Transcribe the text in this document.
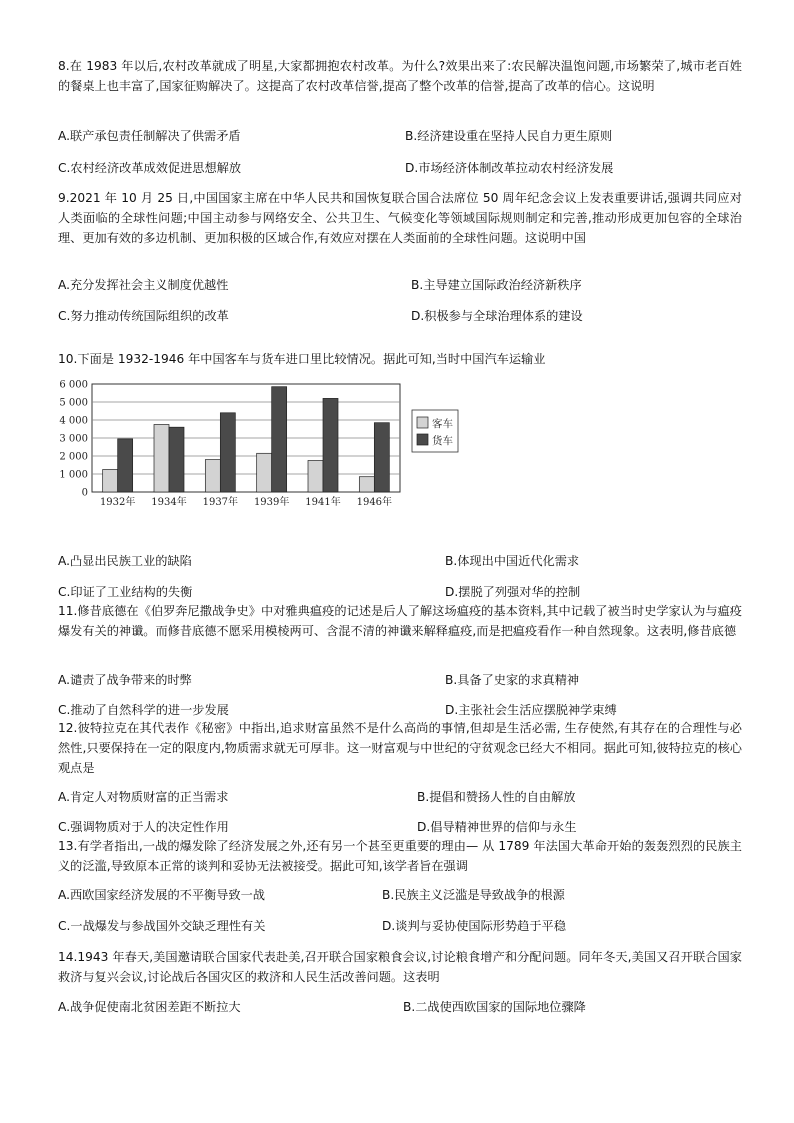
8.在 1983 年以后,农村改革就成了明星,大家都拥抱农村改革。为什么?效果出来了:农民解决温饱问题,市场繁荣了,城市老百姓的餐桌上也丰富了,国家征购解决了。这提高了农村改革信誉,提高了整个改革的信誉,提高了改革的信心。这说明
A.联产承包责任制解决了供需矛盾	B.经济建设重在坚持人民自力更生原则
C.农村经济改革成效促进思想解放	D.市场经济体制改革拉动农村经济发展
9.2021 年 10 月 25 日,中国国家主席在中华人民共和国恢复联合国合法席位 50 周年纪念会议上发表重要讲话,强调共同应对人类面临的全球性问题;中国主动参与网络安全、公共卫生、气候变化等领域国际规则制定和完善,推动形成更加包容的全球治理、更加有效的多边机制、更加积极的区域合作,有效应对摆在人类面前的全球性问题。这说明中国
A.充分发挥社会主义制度优越性	B.主导建立国际政治经济新秩序
C.努力推动传统国际组织的改革	D.积极参与全球治理体系的建设
10.下面是 1932-1946 年中国客车与货车进口里比较情况。据此可知,当时中国汽车运输业
0
1 000
2 000
3 000
4 000
5 000
6 000
1932年 1934年 1937年 1939年 1941年 1946年
客车
货车
A.凸显出民族工业的缺陷	B.体现出中国近代化需求
C.印证了工业结构的失衡	D.摆脱了列强对华的控制
11.修昔底德在《伯罗奔尼撒战争史》中对雅典瘟疫的记述是后人了解这场瘟疫的基本资料,其中记载了被当时史学家认为与瘟疫爆发有关的神谶。而修昔底德不愿采用模棱两可、含混不清的神谶来解释瘟疫,而是把瘟疫看作一种自然现象。这表明,修昔底德
A.谴责了战争带来的时弊	B.具备了史家的求真精神
C.推动了自然科学的进一步发展	D.主张社会生活应摆脱神学束缚
12.彼特拉克在其代表作《秘密》中指出,追求财富虽然不是什么高尚的事情,但却是生活必需, 生存使然,有其存在的合理性与必然性,只要保持在一定的限度内,物质需求就无可厚非。这一财富观与中世纪的守贫观念已经大不相同。据此可知,彼特拉克的核心观点是
A.肯定人对物质财富的正当需求	B.提倡和赞扬人性的自由解放
C.强调物质对于人的决定性作用	D.倡导精神世界的信仰与永生
13.有学者指出,一战的爆发除了经济发展之外,还有另一个甚至更重要的理由— 从 1789 年法国大革命开始的轰轰烈烈的民族主义的泛滥,导致原本正常的谈判和妥协无法被接受。据此可知,该学者旨在强调
A.西欧国家经济发展的不平衡导致一战	B.民族主义泛滥是导致战争的根源
C.一战爆发与参战国外交缺乏理性有关	D.谈判与妥协使国际形势趋于平稳
14.1943 年春天,美国邀请联合国家代表赴美,召开联合国家粮食会议,讨论粮食增产和分配问题。同年冬天,美国又召开联合国家救济与复兴会议,讨论战后各国灾区的救济和人民生活改善问题。这表明
A.战争促使南北贫困差距不断拉大	B.二战使西欧国家的国际地位骤降
